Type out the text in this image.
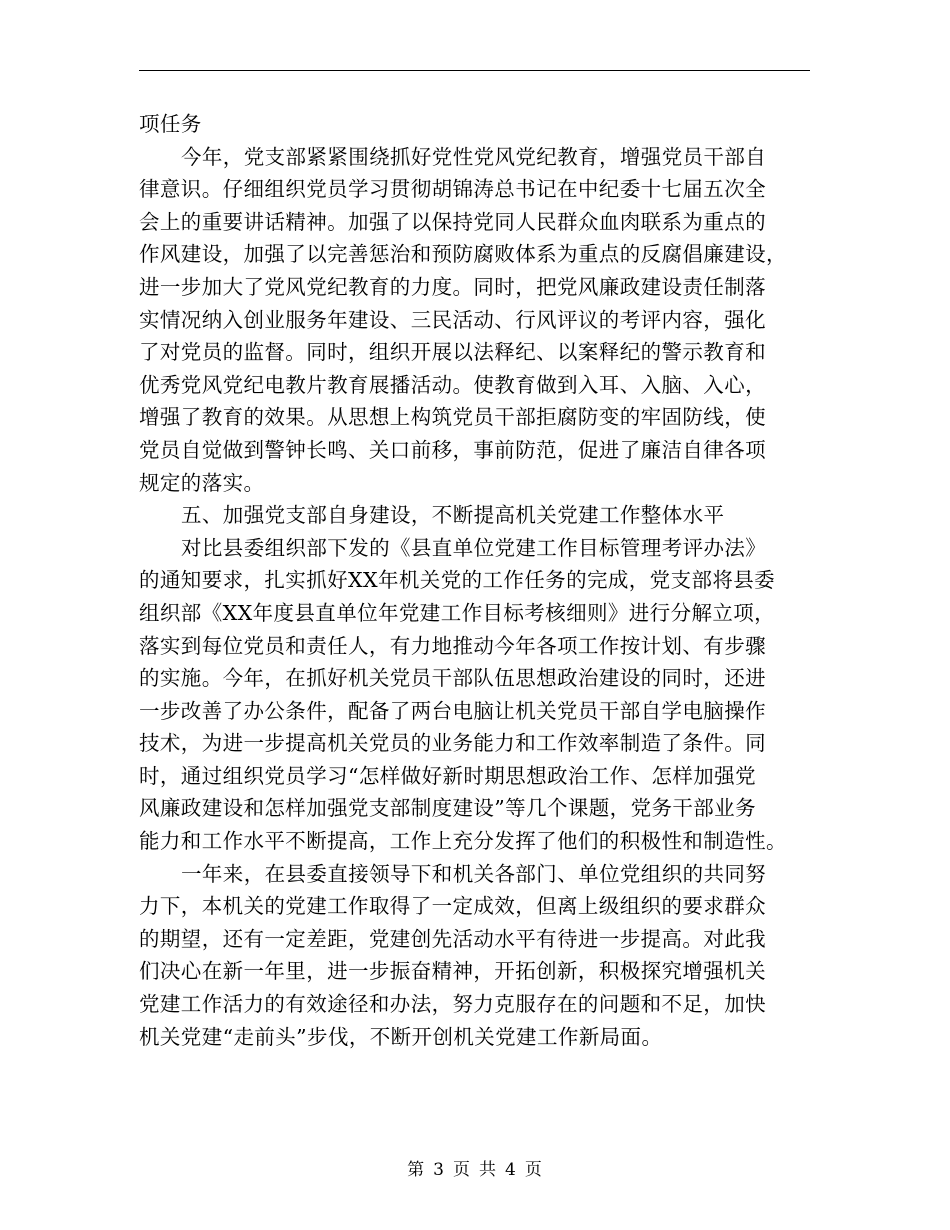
项任务
今年，党支部紧紧围绕抓好党性党风党纪教育，增强党员干部自
律意识。仔细组织党员学习贯彻胡锦涛总书记在中纪委十七届五次全
会上的重要讲话精神。加强了以保持党同人民群众血肉联系为重点的
作风建设，加强了以完善惩治和预防腐败体系为重点的反腐倡廉建设，
进一步加大了党风党纪教育的力度。同时，把党风廉政建设责任制落
实情况纳入创业服务年建设、三民活动、行风评议的考评内容，强化
了对党员的监督。同时，组织开展以法释纪、以案释纪的警示教育和
优秀党风党纪电教片教育展播活动。使教育做到入耳、入脑、入心，
增强了教育的效果。从思想上构筑党员干部拒腐防变的牢固防线，使
党员自觉做到警钟长鸣、关口前移，事前防范，促进了廉洁自律各项
规定的落实。
五、加强党支部自身建设，不断提高机关党建工作整体水平
对比县委组织部下发的《县直单位党建工作目标管理考评办法》
的通知要求，扎实抓好XX年机关党的工作任务的完成，党支部将县委
组织部《XX年度县直单位年党建工作目标考核细则》进行分解立项，
落实到每位党员和责任人，有力地推动今年各项工作按计划、有步骤
的实施。今年，在抓好机关党员干部队伍思想政治建设的同时，还进
一步改善了办公条件，配备了两台电脑让机关党员干部自学电脑操作
技术，为进一步提高机关党员的业务能力和工作效率制造了条件。同
时，通过组织党员学习“怎样做好新时期思想政治工作、怎样加强党
风廉政建设和怎样加强党支部制度建设”等几个课题，党务干部业务
能力和工作水平不断提高，工作上充分发挥了他们的积极性和制造性。
一年来，在县委直接领导下和机关各部门、单位党组织的共同努
力下，本机关的党建工作取得了一定成效，但离上级组织的要求群众
的期望，还有一定差距，党建创先活动水平有待进一步提高。对此我
们决心在新一年里，进一步振奋精神，开拓创新，积极探究增强机关
党建工作活力的有效途径和办法，努力克服存在的问题和不足，加快
机关党建“走前头”步伐，不断开创机关党建工作新局面。
第 3 页 共 4 页
